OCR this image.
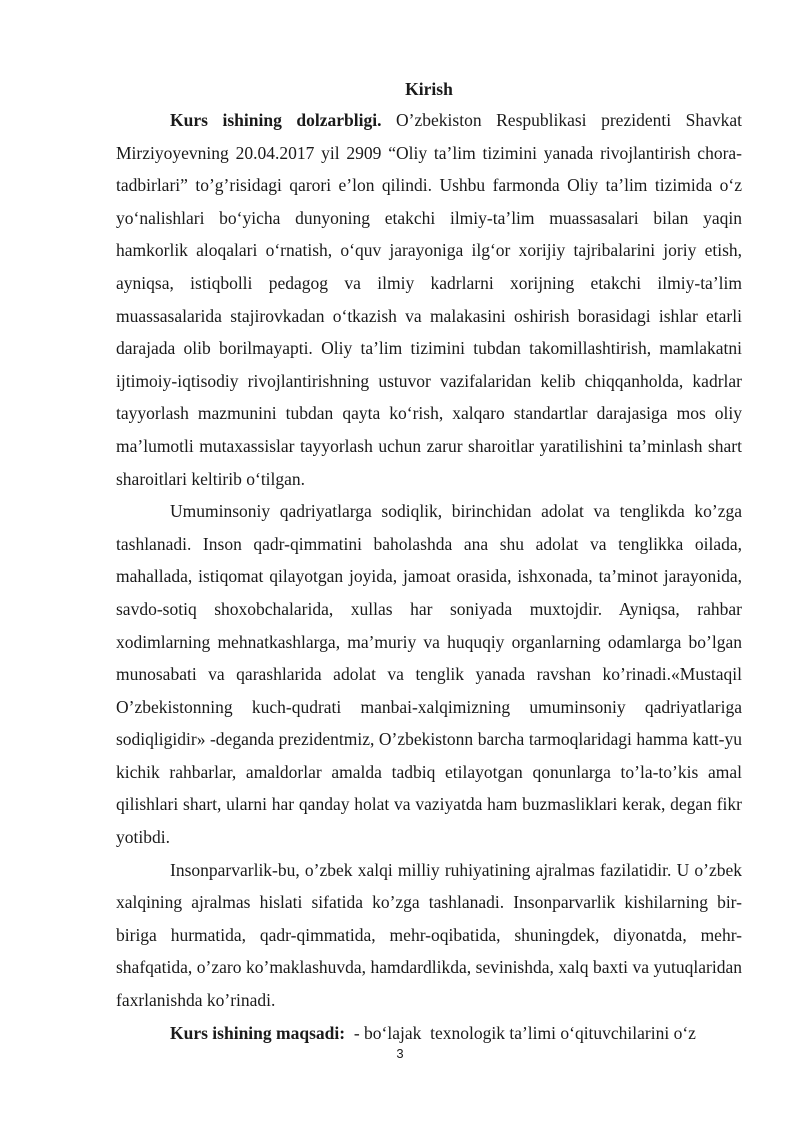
Kirish

Kurs ishining dolzarbligi. O’zbekiston Respublikasi prezidenti Shavkat Mirziyoyevning 20.04.2017 yil 2909 “Oliy ta’lim tizimini yanada rivojlantirish chora-tadbirlari” to’g’risidagi qarori e’lon qilindi. Ushbu farmonda Oliy ta’lim tizimida o‘z yo‘nalishlari bo‘yicha dunyoning etakchi ilmiy-ta’lim muassasalari bilan yaqin hamkorlik aloqalari o‘rnatish, o‘quv jarayoniga ilg‘or xorijiy tajribalarini joriy etish, ayniqsa, istiqbolli pedagog va ilmiy kadrlarni xorijning etakchi ilmiy-ta’lim muassasalarida stajirovkadan o‘tkazish va malakasini oshirish borasidagi ishlar etarli darajada olib borilmayapti. Oliy ta’lim tizimini tubdan takomillashtirish, mamlakatni ijtimoiy-iqtisodiy rivojlantirishning ustuvor vazifalaridan kelib chiqqanholda, kadrlar tayyorlash mazmunini tubdan qayta ko‘rish, xalqaro standartlar darajasiga mos oliy ma’lumotli mutaxassislar tayyorlash uchun zarur sharoitlar yaratilishini ta’minlash shart sharoitlari keltirib o‘tilgan.

Umuminsoniy qadriyatlarga sodiqlik, birinchidan adolat va tenglikda ko’zga tashlanadi. Inson qadr-qimmatini baholashda ana shu adolat va tenglikka oilada, mahallada, istiqomat qilayotgan joyida, jamoat orasida, ishxonada, ta’minot jarayonida, savdo-sotiq shoxobchalarida, xullas har soniyada muxtojdir. Ayniqsa, rahbar xodimlarning mehnatkashlarga, ma’muriy va huquqiy organlarning odamlarga bo’lgan munosabati va qarashlarida adolat va tenglik yanada ravshan ko’rinadi.«Mustaqil O’zbekistonning kuch-qudrati manbai-xalqimizning umuminsoniy qadriyatlariga sodiqligidir» -deganda prezidentmiz, O’zbekistonn barcha tarmoqlaridagi hamma katt-yu kichik rahbarlar, amaldorlar amalda tadbiq etilayotgan qonunlarga to’la-to’kis amal qilishlari shart, ularni har qanday holat va vaziyatda ham buzmasliklari kerak, degan fikr yotibdi.

Insonparvarlik-bu, o’zbek xalqi milliy ruhiyatining ajralmas fazilatidir. U o’zbek xalqining ajralmas hislati sifatida ko’zga tashlanadi. Insonparvarlik kishilarning bir-biriga hurmatida, qadr-qimmatida, mehr-oqibatida, shuningdek, diyonatda, mehr-shafqatida, o’zaro ko’maklashuvda, hamdardlikda, sevinishda, xalq baxti va yutuqlaridan faxrlanishda ko’rinadi.

Kurs ishining maqsadi:  - bo‘lajak  texnologik ta’limi o‘qituvchilarini o‘z

3
